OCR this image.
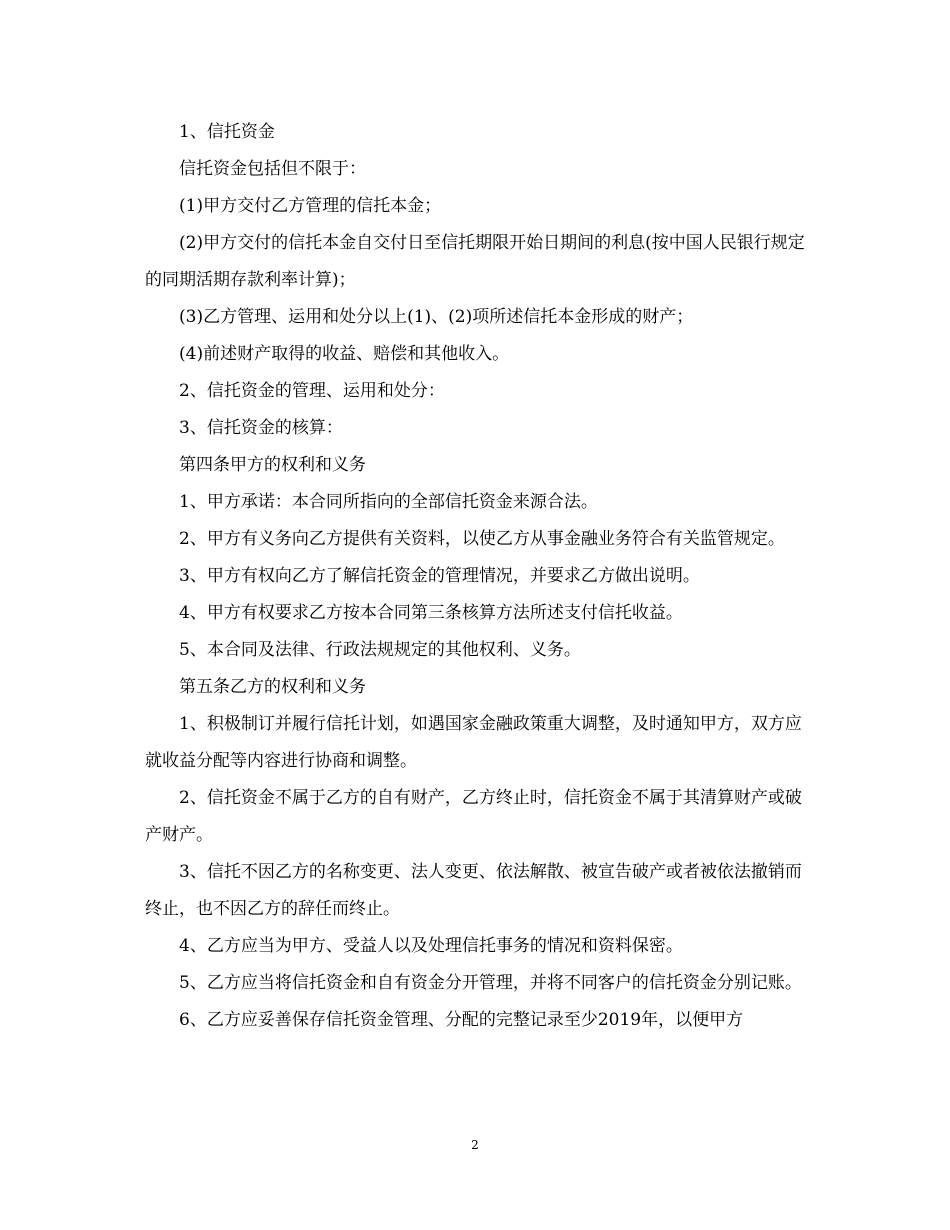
1、信托资金

信托资金包括但不限于：

(1)甲方交付乙方管理的信托本金；

(2)甲方交付的信托本金自交付日至信托期限开始日期间的利息(按中国人民银行规定的同期活期存款利率计算)；

(3)乙方管理、运用和处分以上(1)、(2)项所述信托本金形成的财产；

(4)前述财产取得的收益、赔偿和其他收入。

2、信托资金的管理、运用和处分：

3、信托资金的核算：

第四条甲方的权利和义务

1、甲方承诺：本合同所指向的全部信托资金来源合法。

2、甲方有义务向乙方提供有关资料，以使乙方从事金融业务符合有关监管规定。

3、甲方有权向乙方了解信托资金的管理情况，并要求乙方做出说明。

4、甲方有权要求乙方按本合同第三条核算方法所述支付信托收益。

5、本合同及法律、行政法规规定的其他权利、义务。

第五条乙方的权利和义务

1、积极制订并履行信托计划，如遇国家金融政策重大调整，及时通知甲方，双方应就收益分配等内容进行协商和调整。

2、信托资金不属于乙方的自有财产，乙方终止时，信托资金不属于其清算财产或破产财产。

3、信托不因乙方的名称变更、法人变更、依法解散、被宣告破产或者被依法撤销而终止，也不因乙方的辞任而终止。

4、乙方应当为甲方、受益人以及处理信托事务的情况和资料保密。

5、乙方应当将信托资金和自有资金分开管理，并将不同客户的信托资金分别记账。

6、乙方应妥善保存信托资金管理、分配的完整记录至少2019年，以便甲方

2
